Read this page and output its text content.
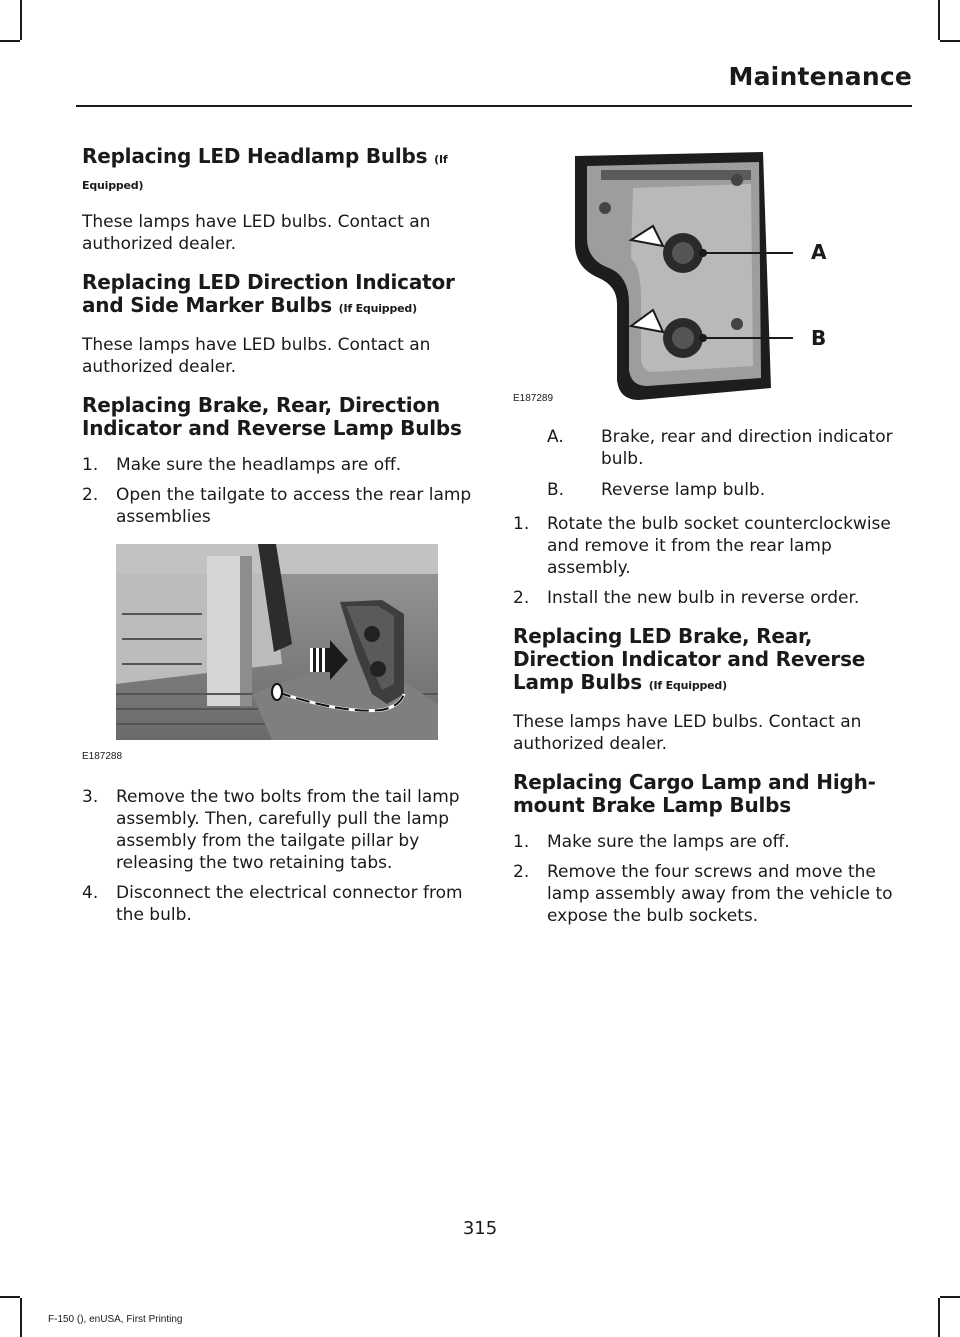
Maintenance
Replacing LED Headlamp Bulbs (If Equipped)

These lamps have LED bulbs. Contact an authorized dealer.

Replacing LED Direction Indicator and Side Marker Bulbs (If Equipped)

These lamps have LED bulbs. Contact an authorized dealer.

Replacing Brake, Rear, Direction Indicator and Reverse Lamp Bulbs
1.	Make sure the headlamps are off.
2.	Open the tailgate to access the rear lamp assemblies
E187288
3.	Remove the two bolts from the tail lamp assembly. Then, carefully pull the lamp assembly from the tailgate pillar by releasing the two retaining tabs.
4.	Disconnect the electrical connector from the bulb.
A
B
E187289
A.	Brake, rear and direction indicator bulb.
B.	Reverse lamp bulb.
1.	Rotate the bulb socket counterclockwise and remove it from the rear lamp assembly.
2.	Install the new bulb in reverse order.
Replacing LED Brake, Rear, Direction Indicator and Reverse Lamp Bulbs (If Equipped)

These lamps have LED bulbs. Contact an authorized dealer.

Replacing Cargo Lamp and High-mount Brake Lamp Bulbs
1.	Make sure the lamps are off.
2.	Remove the four screws and move the lamp assembly away from the vehicle to expose the bulb sockets.
315
F-150 (), enUSA, First Printing
